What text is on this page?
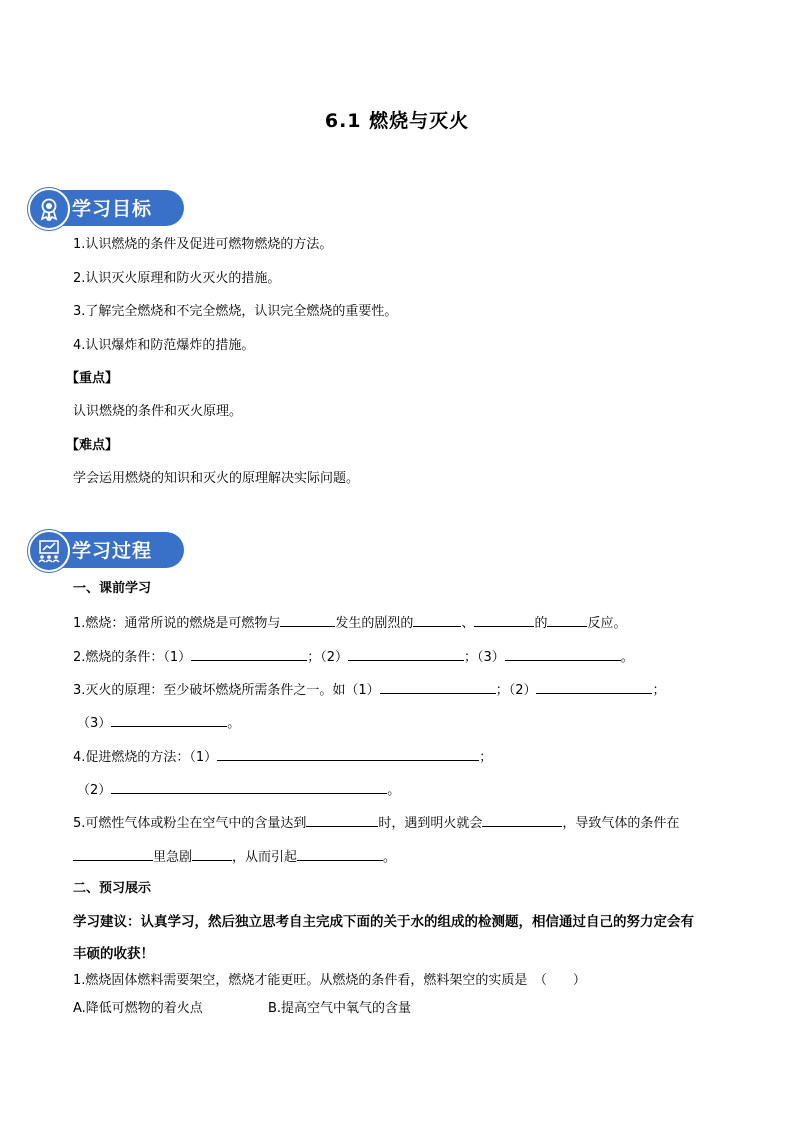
6.1 燃烧与灭火
学习目标
1.认识燃烧的条件及促进可燃物燃烧的方法。
2.认识灭火原理和防火灭火的措施。
3.了解完全燃烧和不完全燃烧，认识完全燃烧的重要性。
4.认识爆炸和防范爆炸的措施。
【重点】
认识燃烧的条件和灭火原理。
【难点】
学会运用燃烧的知识和灭火的原理解决实际问题。
学习过程
一、课前学习
1.燃烧：通常所说的燃烧是可燃物与	发生的剧烈的	、	的	反应。
2.燃烧的条件：（1）	；（2）	；（3）	。
3.灭火的原理：至少破坏燃烧所需条件之一。如（1）	；（2）	；
（3）	。
4.促进燃烧的方法：（1）	；
（2）	。
5.可燃性气体或粉尘在空气中的含量达到	时，遇到明火就会	，导致气体的条件在
里急剧	，从而引起	。
二、预习展示
学习建议：认真学习，然后独立思考自主完成下面的关于水的组成的检测题，相信通过自己的努力定会有
丰硕的收获！
1.燃烧固体燃料需要架空，燃烧才能更旺。从燃烧的条件看，燃料架空的实质是　（　　）
A.降低可燃物的着火点	B.提高空气中氧气的含量
